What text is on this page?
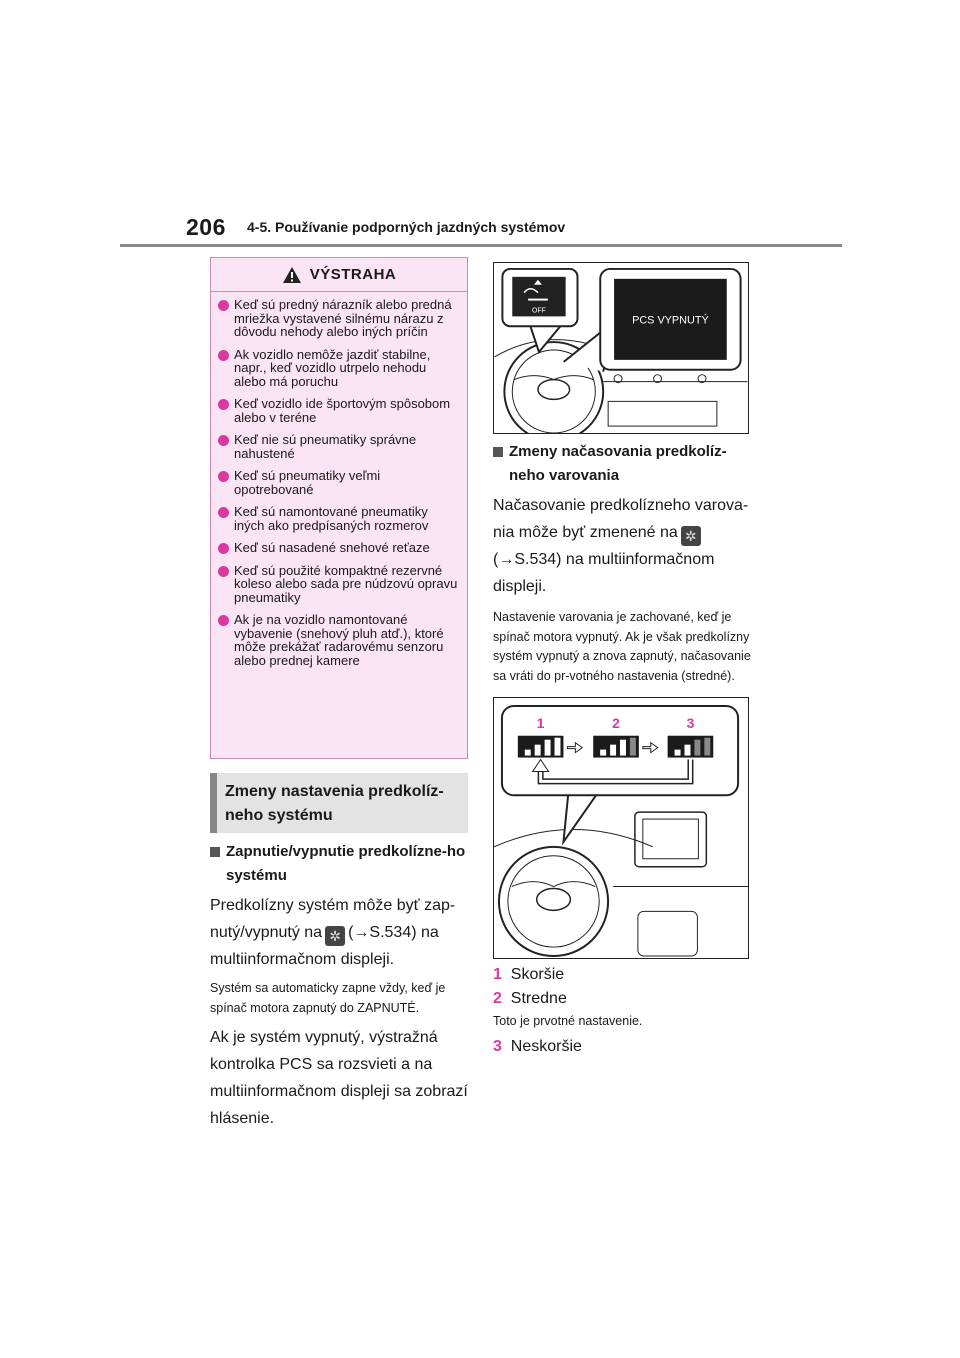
206 4-5. Používanie podporných jazdných systémov
VÝSTRAHA
Keď sú predný nárazník alebo predná mriežka vystavené silnému nárazu z dôvodu nehody alebo iných príčin
Ak vozidlo nemôže jazdiť stabilne, napr., keď vozidlo utrpelo nehodu alebo má poruchu
Keď vozidlo ide športovým spôsobom alebo v teréne
Keď nie sú pneumatiky správne nahustené
Keď sú pneumatiky veľmi opotrebované
Keď sú namontované pneumatiky iných ako predpísaných rozmerov
Keď sú nasadené snehové reťaze
Keď sú použité kompaktné rezervné koleso alebo sada pre núdzovú opravu pneumatiky
Ak je na vozidlo namontované vybavenie (snehový pluh atď.), ktoré môže prekážať radarovému senzoru alebo prednej kamere
Zmeny nastavenia predkolíz-neho systému
Zapnutie/vypnutie predkolízne-ho systému
Predkolízny systém môže byť zap-
nutý/vypnutý na ✲ (→S.534) na
multiinformačnom displeji.
Systém sa automaticky zapne vždy, keď je spínač motora zapnutý do ZAPNUTÉ.
Ak je systém vypnutý, výstražná kontrolka PCS sa rozsvieti a na multiinformačnom displeji sa zobrazí hlásenie.
OFF
PCS VYPNUTÝ
Zmeny načasovania predkolíz-neho varovania
Načasovanie predkolízneho varova-
nia môže byť zmenené na ✲
(→S.534) na multiinformačnom displeji.
Nastavenie varovania je zachované, keď je spínač motora vypnutý. Ak je však predkolízny systém vypnutý a znova zapnutý, načasovanie sa vráti do pr-votného nastavenia (stredné).
1	2	3
1 Skoršie
2 Stredne
Toto je prvotné nastavenie.
3 Neskoršie
